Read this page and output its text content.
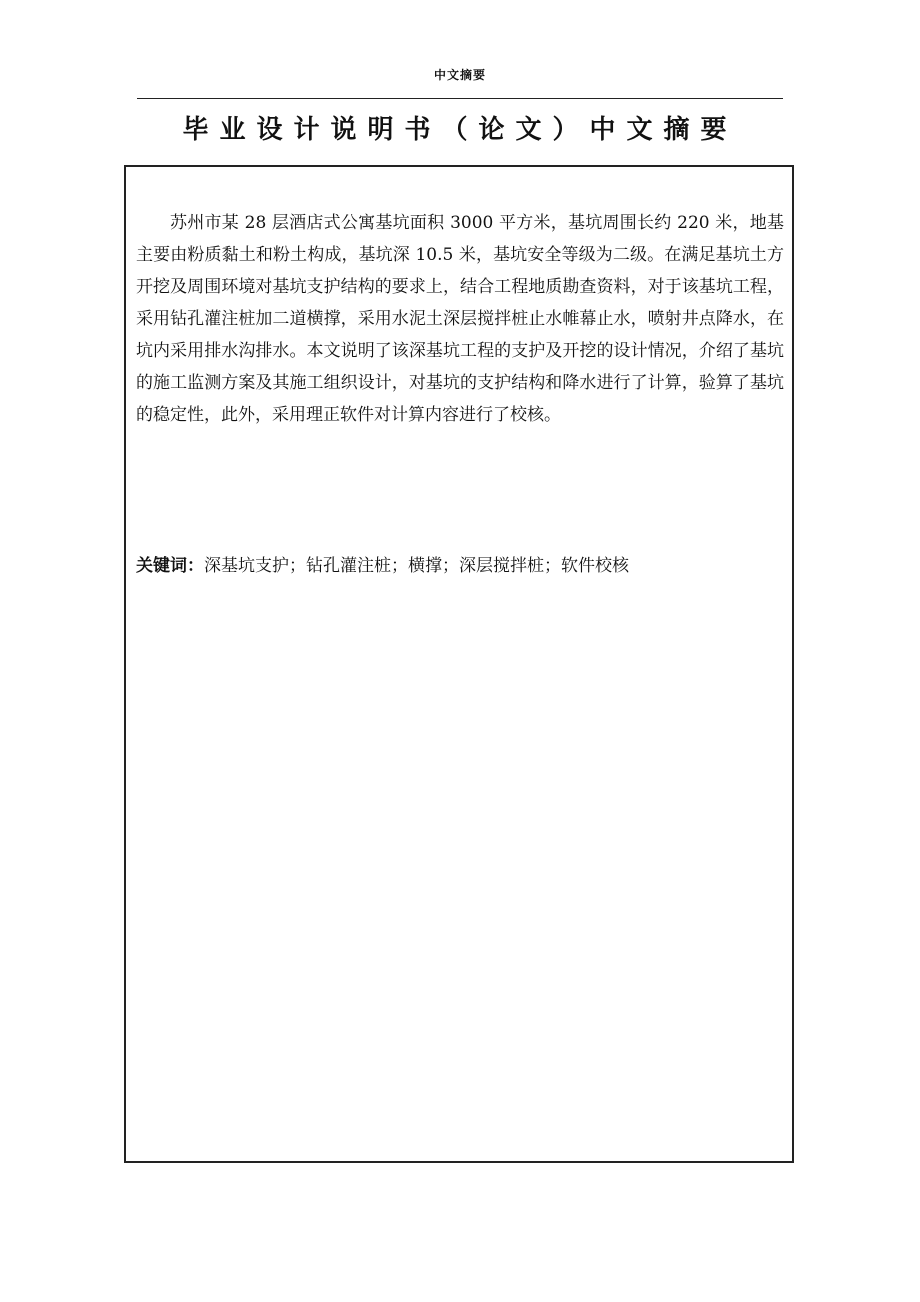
中文摘要
毕业设计说明书（论文）中文摘要

苏州市某 28 层酒店式公寓基坑面积 3000 平方米，基坑周围长约 220 米，地基主要由粉质黏土和粉土构成，基坑深 10.5 米，基坑安全等级为二级。在满足基坑土方开挖及周围环境对基坑支护结构的要求上，结合工程地质勘查资料，对于该基坑工程，采用钻孔灌注桩加二道横撑，采用水泥土深层搅拌桩止水帷幕止水，喷射井点降水，在坑内采用排水沟排水。本文说明了该深基坑工程的支护及开挖的设计情况，介绍了基坑的施工监测方案及其施工组织设计，对基坑的支护结构和降水进行了计算，验算了基坑的稳定性，此外，采用理正软件对计算内容进行了校核。

关键词：深基坑支护；钻孔灌注桩；横撑；深层搅拌桩；软件校核
